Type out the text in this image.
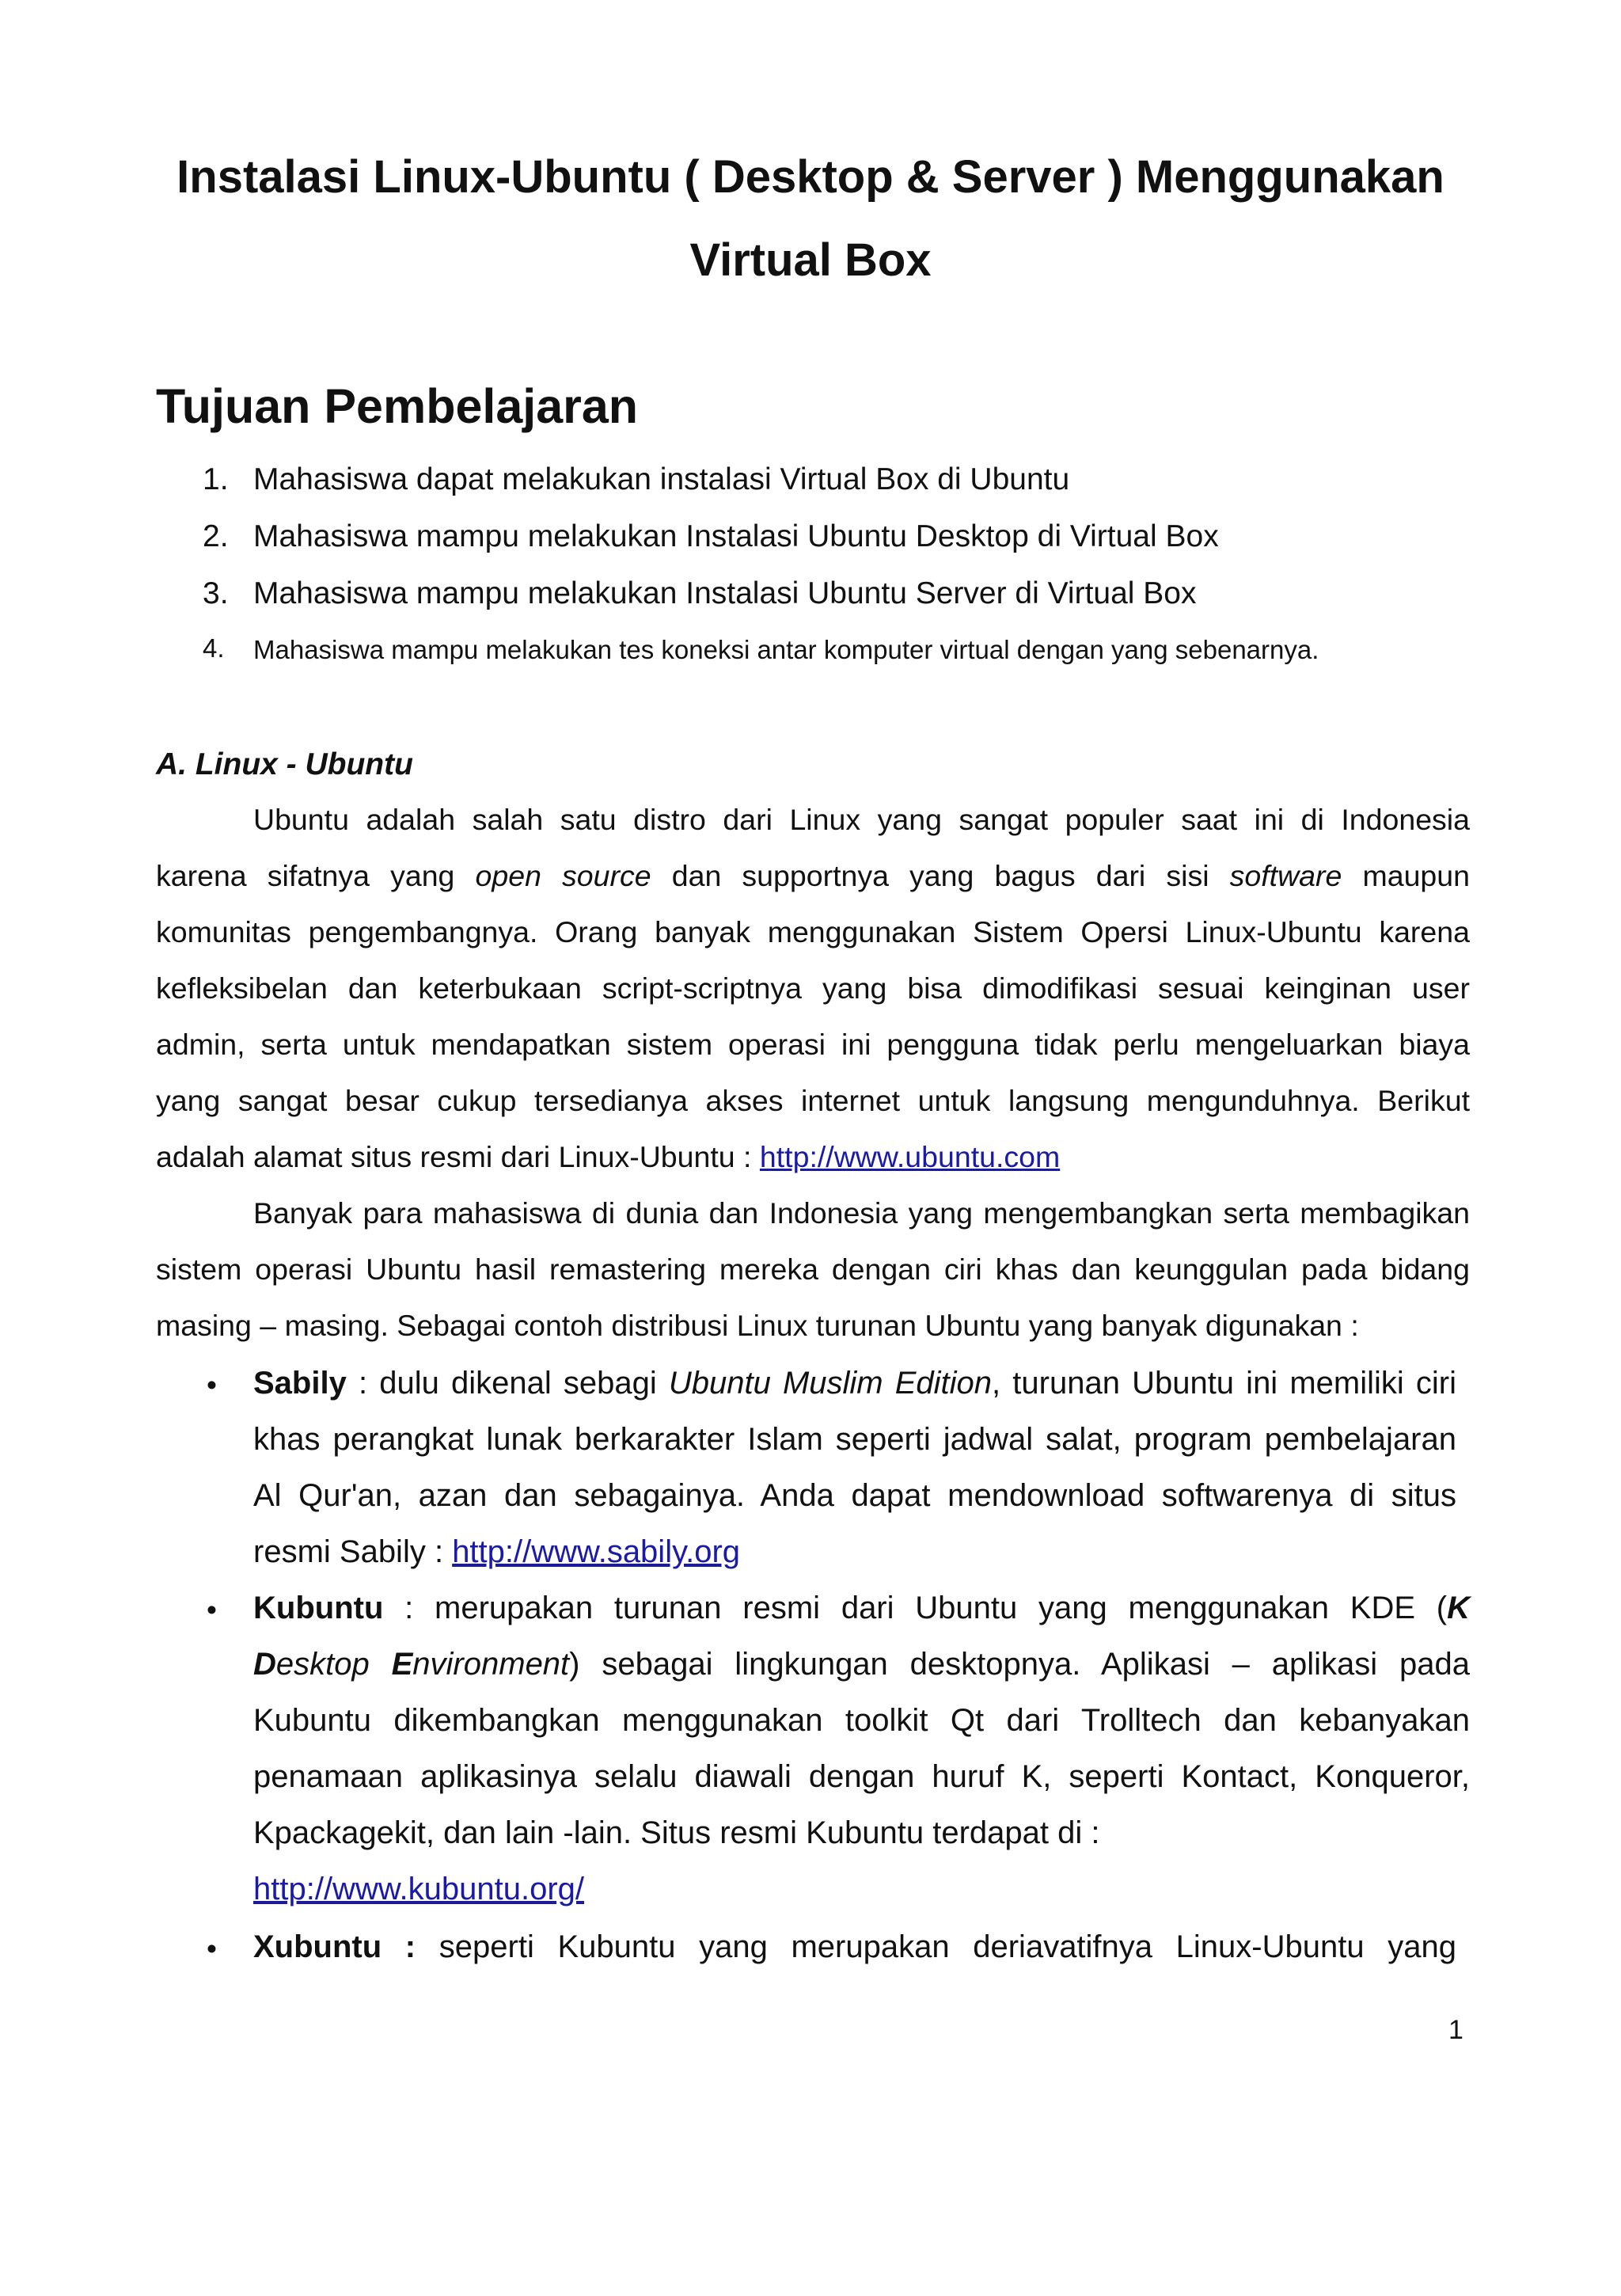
Instalasi Linux-Ubuntu ( Desktop & Server ) Menggunakan
Virtual Box
Tujuan Pembelajaran
1. Mahasiswa dapat melakukan instalasi Virtual Box di Ubuntu
2. Mahasiswa mampu melakukan Instalasi Ubuntu Desktop di Virtual Box
3. Mahasiswa mampu melakukan Instalasi Ubuntu Server di Virtual Box
4. Mahasiswa mampu melakukan tes koneksi antar komputer virtual dengan yang sebenarnya.
A. Linux - Ubuntu
Ubuntu adalah salah satu distro dari Linux yang sangat populer saat ini di Indonesia
karena sifatnya yang open source dan supportnya yang bagus dari sisi software maupun
komunitas pengembangnya. Orang banyak menggunakan Sistem Opersi Linux-Ubuntu karena
kefleksibelan dan keterbukaan script-scriptnya yang bisa dimodifikasi sesuai keinginan user
admin, serta untuk mendapatkan sistem operasi ini pengguna tidak perlu mengeluarkan biaya
yang sangat besar cukup tersedianya akses internet untuk langsung mengunduhnya. Berikut
adalah alamat situs resmi dari Linux-Ubuntu : http://www.ubuntu.com
Banyak para mahasiswa di dunia dan Indonesia yang mengembangkan serta membagikan
sistem operasi Ubuntu hasil remastering mereka dengan ciri khas dan keunggulan pada bidang
masing – masing. Sebagai contoh distribusi Linux turunan Ubuntu yang banyak digunakan :
• Sabily : dulu dikenal sebagi Ubuntu Muslim Edition, turunan Ubuntu ini memiliki ciri
khas perangkat lunak berkarakter Islam seperti jadwal salat, program pembelajaran
Al Qur'an, azan dan sebagainya. Anda dapat mendownload softwarenya di situs
resmi Sabily : http://www.sabily.org
• Kubuntu : merupakan turunan resmi dari Ubuntu yang menggunakan KDE (K
Desktop Environment) sebagai lingkungan desktopnya. Aplikasi – aplikasi pada
Kubuntu dikembangkan menggunakan toolkit Qt dari Trolltech dan kebanyakan
penamaan aplikasinya selalu diawali dengan huruf K, seperti Kontact, Konqueror,
Kpackagekit, dan lain -lain. Situs resmi Kubuntu terdapat di :
http://www.kubuntu.org/
• Xubuntu : seperti Kubuntu yang merupakan deriavatifnya Linux-Ubuntu yang
1
